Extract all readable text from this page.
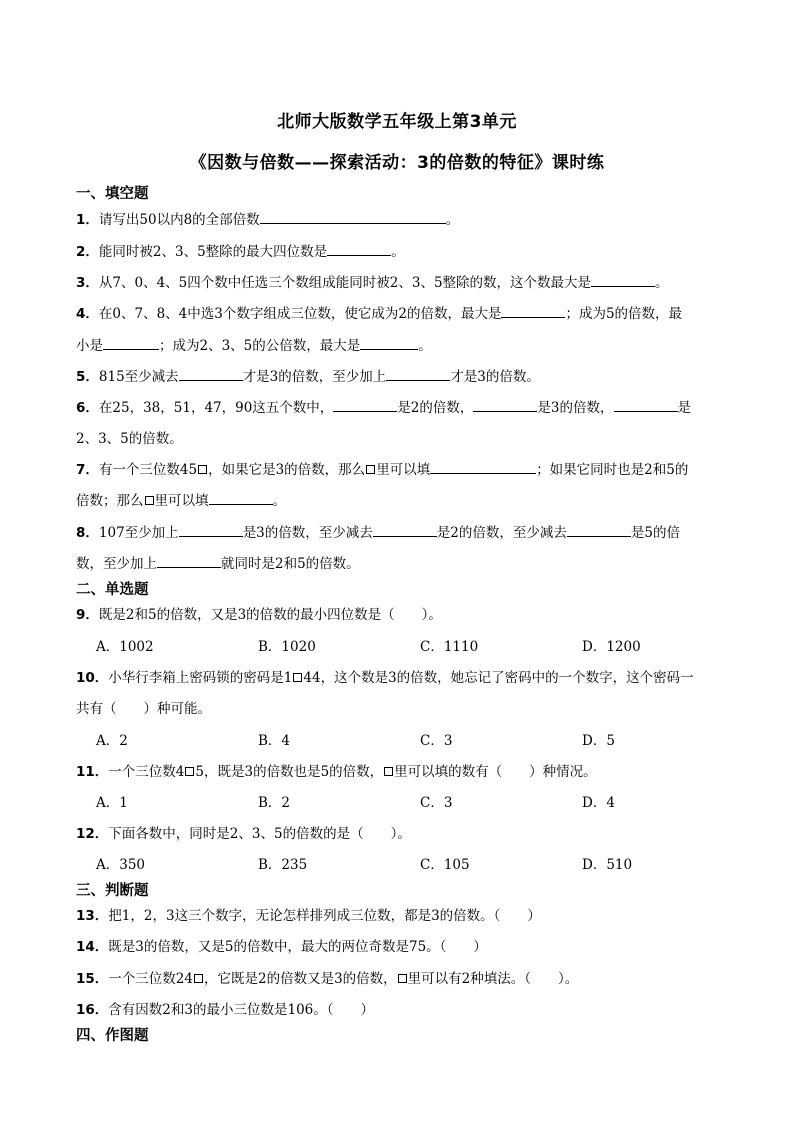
北师大版数学五年级上第3单元
《因数与倍数——探索活动：3的倍数的特征》课时练
一、填空题
1．请写出50以内8的全部倍数	。
2．能同时被2、3、5整除的最大四位数是	。
3．从7、0、4、5四个数中任选三个数组成能同时被2、3、5整除的数，这个数最大是	。
4．在0、7、8、4中选3个数字组成三位数，使它成为2的倍数，最大是	；成为5的倍数，最
小是	；成为2、3、5的公倍数，最大是	。
5．815至少减去	才是3的倍数，至少加上	才是3的倍数。
6．在25，38，51，47，90这五个数中，	是2的倍数，	是3的倍数，	是
2、3、5的倍数。
7．有一个三位数45 ，如果它是3的倍数，那么 里可以填	；如果它同时也是2和5的
倍数；那么 里可以填	。
8．107至少加上	是3的倍数，至少减去	是2的倍数，至少减去	是5的倍
数，至少加上	就同时是2和5的倍数。
二、单选题
9．既是2和5的倍数，又是3的倍数的最小四位数是（　　）。
A．1002	B．1020	C．1110	D．1200
10．小华行李箱上密码锁的密码是1 44，这个数是3的倍数，她忘记了密码中的一个数字，这个密码一
共有（　　）种可能。
A．2	B．4	C．3	D．5
11．一个三位数4 5，既是3的倍数也是5的倍数， 里可以填的数有（　　）种情况。
A．1	B．2	C．3	D．4
12．下面各数中，同时是2、3、5的倍数的是（　　）。
A．350	B．235	C．105	D．510
三、判断题
13．把1，2，3这三个数字，无论怎样排列成三位数，都是3的倍数。（　　）
14．既是3的倍数，又是5的倍数中，最大的两位奇数是75。（　　）
15．一个三位数24 ，它既是2的倍数又是3的倍数， 里可以有2种填法。（　　）。
16．含有因数2和3的最小三位数是106。（　　）
四、作图题
